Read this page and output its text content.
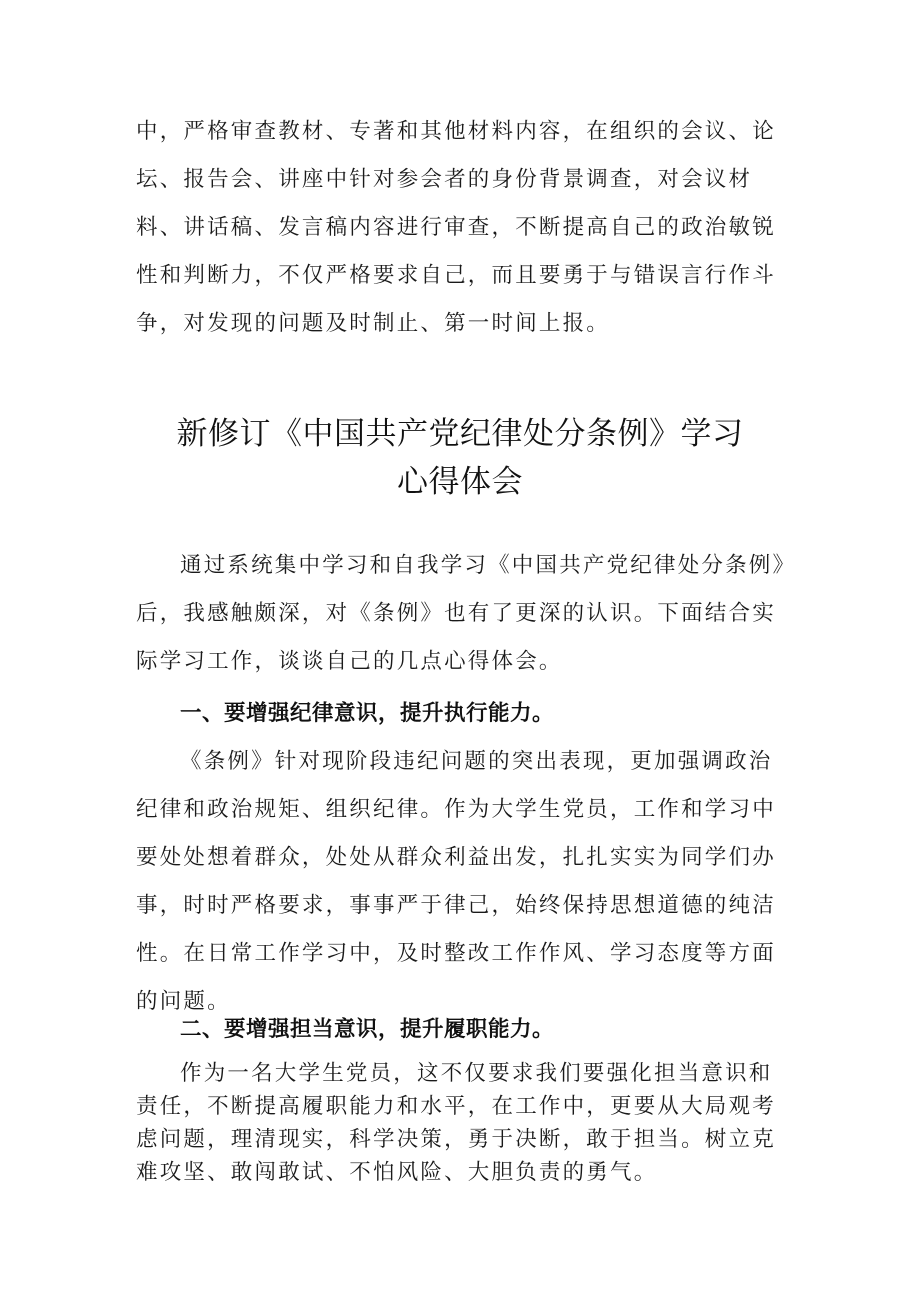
中，严格审查教材、专著和其他材料内容，在组织的会议、论坛、报告会、讲座中针对参会者的身份背景调查，对会议材料、讲话稿、发言稿内容进行审查，不断提高自己的政治敏锐性和判断力，不仅严格要求自己，而且要勇于与错误言行作斗争，对发现的问题及时制止、第一时间上报。

新修订《中国共产党纪律处分条例》学习
心得体会

通过系统集中学习和自我学习《中国共产党纪律处分条例》后，我感触颇深，对《条例》也有了更深的认识。下面结合实际学习工作，谈谈自己的几点心得体会。

一、要增强纪律意识，提升执行能力。

《条例》针对现阶段违纪问题的突出表现，更加强调政治纪律和政治规矩、组织纪律。作为大学生党员，工作和学习中要处处想着群众，处处从群众利益出发，扎扎实实为同学们办事，时时严格要求，事事严于律己，始终保持思想道德的纯洁性。在日常工作学习中，及时整改工作作风、学习态度等方面的问题。

二、要增强担当意识，提升履职能力。

作为一名大学生党员，这不仅要求我们要强化担当意识和责任，不断提高履职能力和水平，在工作中，更要从大局观考虑问题，理清现实，科学决策，勇于决断，敢于担当。树立克难攻坚、敢闯敢试、不怕风险、大胆负责的勇气。
